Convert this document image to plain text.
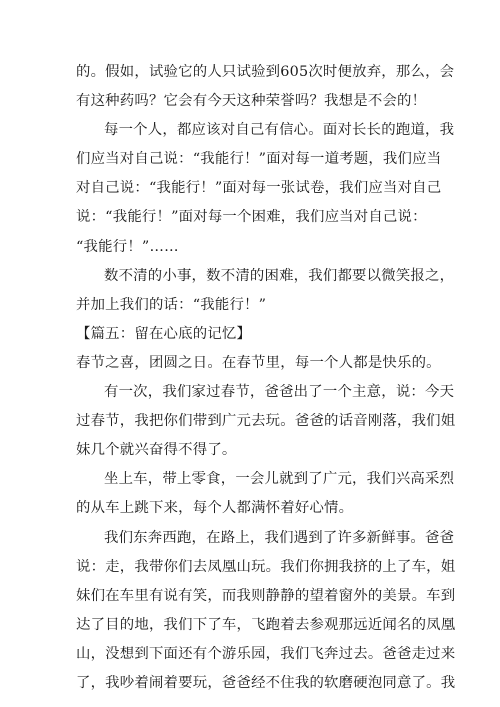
的。假如，试验它的人只试验到605次时便放弃，那么，会
有这种药吗？它会有今天这种荣誉吗？我想是不会的！
每一个人，都应该对自己有信心。面对长长的跑道，我
们应当对自己说：“我能行！”面对每一道考题，我们应当
对自己说：“我能行！”面对每一张试卷，我们应当对自己
说：“我能行！”面对每一个困难，我们应当对自己说：
“我能行！”……
数不清的小事，数不清的困难，我们都要以微笑报之，
并加上我们的话：“我能行！”
【篇五：留在心底的记忆】
春节之喜，团圆之日。在春节里，每一个人都是快乐的。
有一次，我们家过春节，爸爸出了一个主意，说：今天
过春节，我把你们带到广元去玩。爸爸的话音刚落，我们姐
妹几个就兴奋得不得了。
坐上车，带上零食，一会儿就到了广元，我们兴高采烈
的从车上跳下来，每个人都满怀着好心情。
我们东奔西跑，在路上，我们遇到了许多新鲜事。爸爸
说：走，我带你们去凤凰山玩。我们你拥我挤的上了车，姐
妹们在车里有说有笑，而我则静静的望着窗外的美景。车到
达了目的地，我们下了车，飞跑着去参观那远近闻名的凤凰
山，没想到下面还有个游乐园，我们飞奔过去。爸爸走过来
了，我吵着闹着要玩，爸爸经不住我的软磨硬泡同意了。我
